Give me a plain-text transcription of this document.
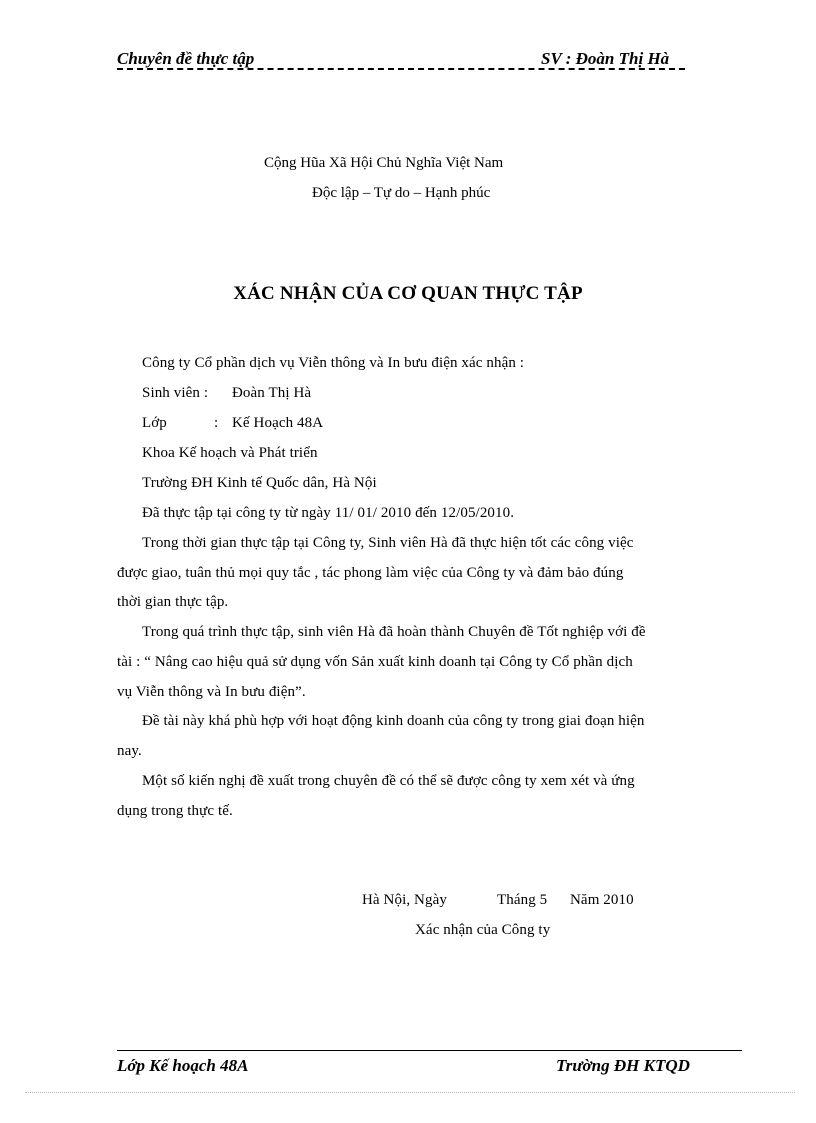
Chuyên đề thực tập	SV : Đoàn Thị Hà
Cộng Hũa Xã Hội Chủ Nghĩa Việt Nam
Độc lập – Tự do – Hạnh phúc
XÁC NHẬN CỦA CƠ QUAN THỰC TẬP
Công ty Cổ phần dịch vụ Viễn thông và In bưu điện xác nhận :
Sinh viên : Đoàn Thị Hà
Lớp	: Kế Hoạch 48A
Khoa Kế hoạch và Phát triển
Trường ĐH Kinh tế Quốc dân, Hà Nội
Đã thực tập tại công ty từ ngày 11/ 01/ 2010 đến 12/05/2010.
Trong thời gian thực tập tại Công ty, Sinh viên Hà đã thực hiện tốt các công việc
được giao, tuân thủ mọi quy tắc , tác phong làm việc của Công ty và đảm bảo đúng
thời gian thực tập.
Trong quá trình thực tập, sinh viên Hà đã hoàn thành Chuyên đề Tốt nghiệp với đề
tài : “ Nâng cao hiệu quả sử dụng vốn Sản xuất kinh doanh tại Công ty Cổ phần dịch
vụ Viễn thông và In bưu điện”.
Đề tài này khá phù hợp với hoạt động kinh doanh của công ty trong giai đoạn hiện
nay.
Một số kiến nghị đề xuất trong chuyên đề có thể sẽ được công ty xem xét và ứng
dụng trong thực tế.
Hà Nội, Ngày	Tháng 5 Năm 2010
Xác nhận của Công ty
Lớp Kế hoạch 48A	Trường ĐH KTQD
